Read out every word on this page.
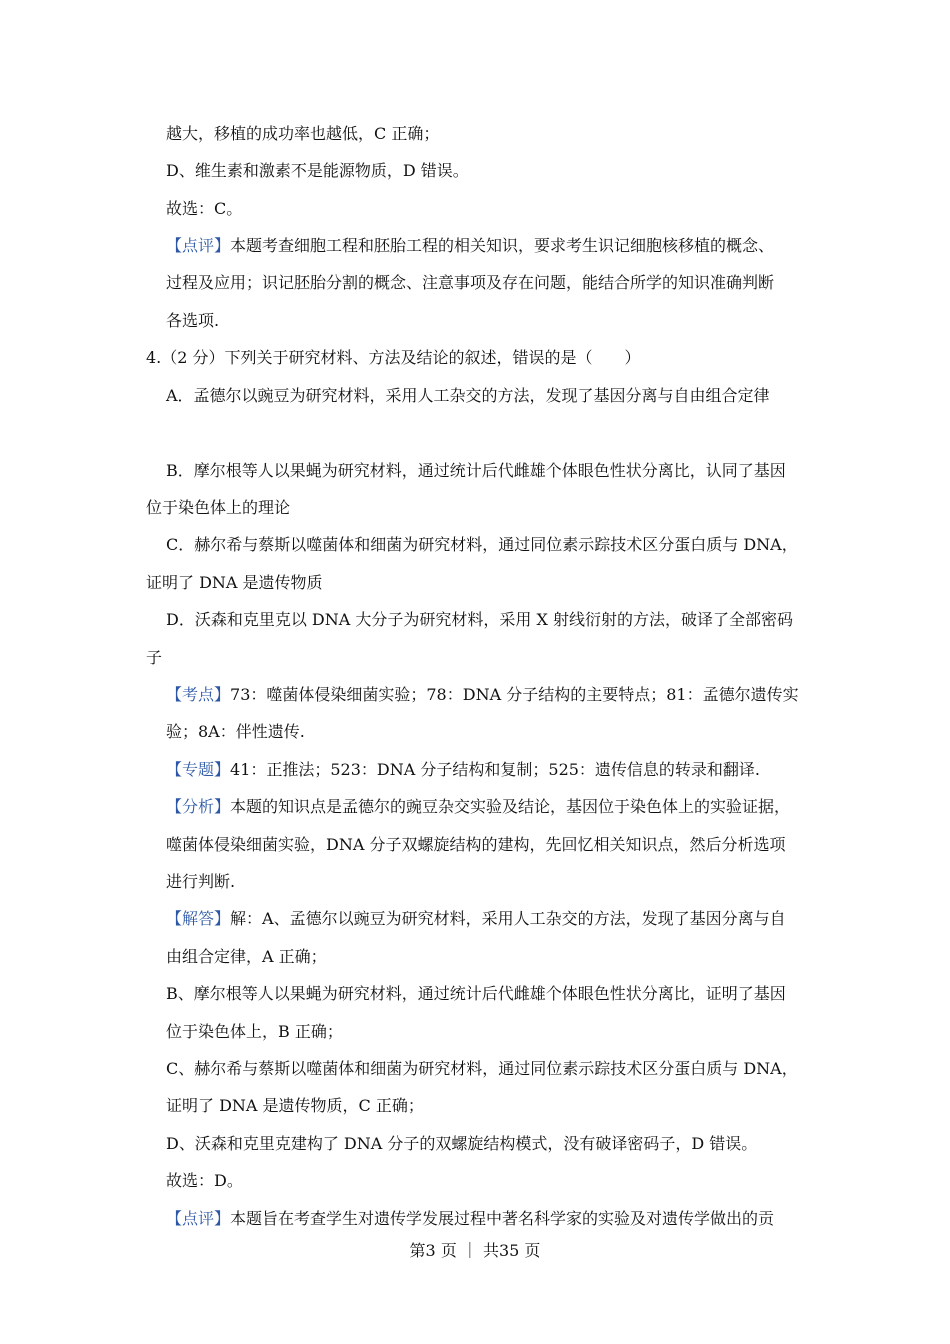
越大，移植的成功率也越低，C 正确；
D、维生素和激素不是能源物质，D 错误。
故选：C。
【点评】本题考查细胞工程和胚胎工程的相关知识，要求考生识记细胞核移植的概念、
过程及应用；识记胚胎分割的概念、注意事项及存在问题，能结合所学的知识准确判断
各选项.
4.（2 分）下列关于研究材料、方法及结论的叙述，错误的是（　　）
A．孟德尔以豌豆为研究材料，采用人工杂交的方法，发现了基因分离与自由组合定律
B．摩尔根等人以果蝇为研究材料，通过统计后代雌雄个体眼色性状分离比，认同了基因
位于染色体上的理论
C．赫尔希与蔡斯以噬菌体和细菌为研究材料，通过同位素示踪技术区分蛋白质与 DNA，
证明了 DNA 是遗传物质
D．沃森和克里克以 DNA 大分子为研究材料，采用 X 射线衍射的方法，破译了全部密码
子
【考点】73：噬菌体侵染细菌实验；78：DNA 分子结构的主要特点；81：孟德尔遗传实
验；8A：伴性遗传.
【专题】41：正推法；523：DNA 分子结构和复制；525：遗传信息的转录和翻译.
【分析】本题的知识点是孟德尔的豌豆杂交实验及结论，基因位于染色体上的实验证据，
噬菌体侵染细菌实验，DNA 分子双螺旋结构的建构，先回忆相关知识点，然后分析选项
进行判断.
【解答】解：A、孟德尔以豌豆为研究材料，采用人工杂交的方法，发现了基因分离与自
由组合定律，A 正确；
B、摩尔根等人以果蝇为研究材料，通过统计后代雌雄个体眼色性状分离比，证明了基因
位于染色体上，B 正确；
C、赫尔希与蔡斯以噬菌体和细菌为研究材料，通过同位素示踪技术区分蛋白质与 DNA，
证明了 DNA 是遗传物质，C 正确；
D、沃森和克里克建构了 DNA 分子的双螺旋结构模式，没有破译密码子，D 错误。
故选：D。
【点评】本题旨在考查学生对遗传学发展过程中著名科学家的实验及对遗传学做出的贡
第3 页 ｜ 共35 页
